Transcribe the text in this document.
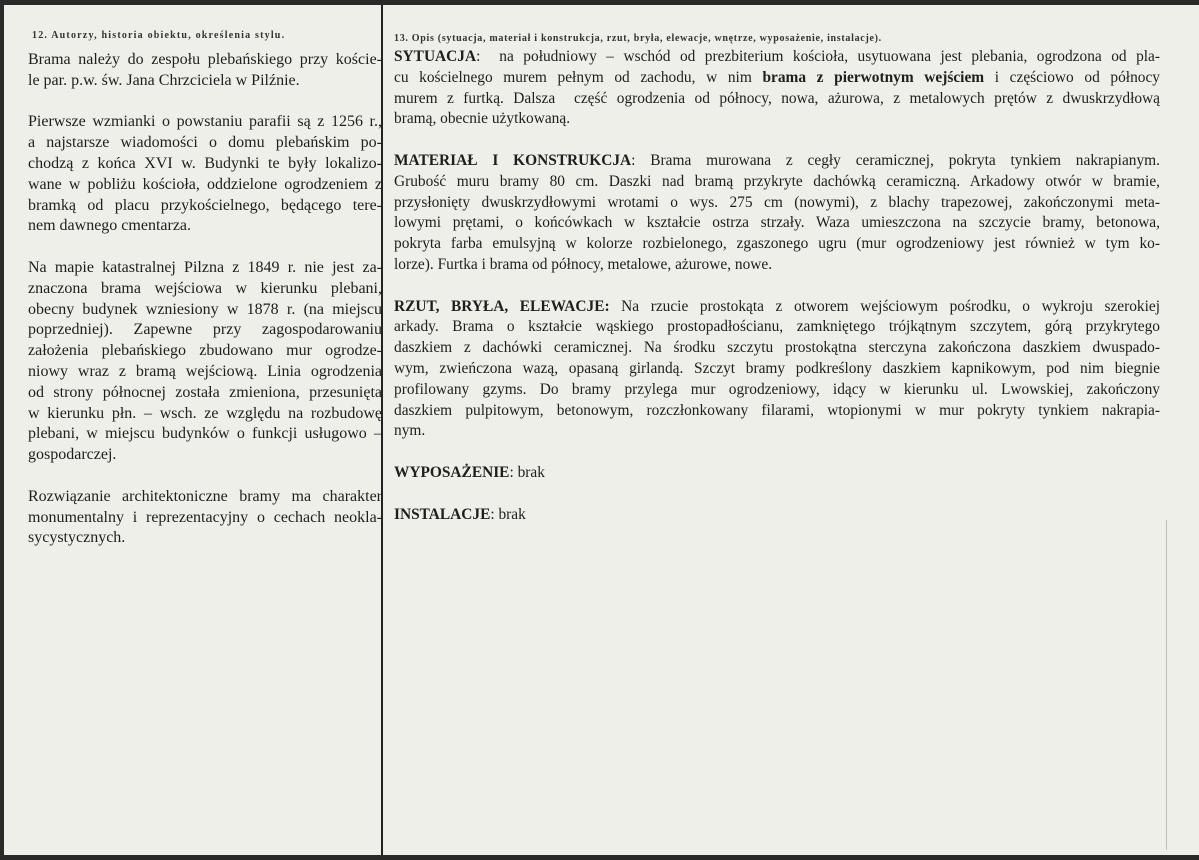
12. Autorzy, historia obiektu, określenia stylu.
Brama należy do zespołu plebańskiego przy koście-
le par. p.w. św. Jana Chrzciciela w Pilźnie.
Pierwsze wzmianki o powstaniu parafii są z 1256 r.,
a najstarsze wiadomości o domu plebańskim po-
chodzą z końca XVI w. Budynki te były lokalizo-
wane w pobliżu kościoła, oddzielone ogrodzeniem z
bramką od placu przykościelnego, będącego tere-
nem dawnego cmentarza.
Na mapie katastralnej Pilzna z 1849 r. nie jest za-
znaczona brama wejściowa w kierunku plebani,
obecny budynek wzniesiony w 1878 r. (na miejscu
poprzedniej). Zapewne przy zagospodarowaniu
założenia plebańskiego zbudowano mur ogrodze-
niowy wraz z bramą wejściową. Linia ogrodzenia
od strony północnej została zmieniona, przesunięta
w kierunku płn. – wsch. ze względu na rozbudowę
plebani, w miejscu budynków o funkcji usługowo –
gospodarczej.
Rozwiązanie architektoniczne bramy ma charakter
monumentalny i reprezentacyjny o cechach neokla-
sycystycznych.
13. Opis (sytuacja, materiał i konstrukcja, rzut, bryła, elewacje, wnętrze, wyposażenie, instalacje).
SYTUACJA:  na południowy – wschód od prezbiterium kościoła, usytuowana jest plebania, ogrodzona od pla-
cu kościelnego murem pełnym od zachodu, w nim brama z pierwotnym wejściem i częściowo od północy
murem z furtką. Dalsza  część ogrodzenia od północy, nowa, ażurowa, z metalowych prętów z dwuskrzydłową
bramą, obecnie użytkowaną.
MATERIAŁ I KONSTRUKCJA: Brama murowana z cegły ceramicznej, pokryta tynkiem nakrapianym.
Grubość muru bramy 80 cm. Daszki nad bramą przykryte dachówką ceramiczną. Arkadowy otwór w bramie,
przysłonięty dwuskrzydłowymi wrotami o wys. 275 cm (nowymi), z blachy trapezowej, zakończonymi meta-
lowymi prętami, o końcówkach w kształcie ostrza strzały. Waza umieszczona na szczycie bramy, betonowa,
pokryta farba emulsyjną w kolorze rozbielonego, zgaszonego ugru (mur ogrodzeniowy jest również w tym ko-
lorze). Furtka i brama od północy, metalowe, ażurowe, nowe.
RZUT, BRYŁA, ELEWACJE: Na rzucie prostokąta z otworem wejściowym pośrodku, o wykroju szerokiej
arkady. Brama o kształcie wąskiego prostopadłościanu, zamkniętego trójkątnym szczytem, górą przykrytego
daszkiem z dachówki ceramicznej. Na środku szczytu prostokątna sterczyna zakończona daszkiem dwuspado-
wym, zwieńczona wazą, opasaną girlandą. Szczyt bramy podkreślony daszkiem kapnikowym, pod nim biegnie
profilowany gzyms. Do bramy przylega mur ogrodzeniowy, idący w kierunku ul. Lwowskiej, zakończony
daszkiem pulpitowym, betonowym, rozczłonkowany filarami, wtopionymi w mur pokryty tynkiem nakrapia-
nym.
WYPOSAŻENIE: brak
INSTALACJE: brak
